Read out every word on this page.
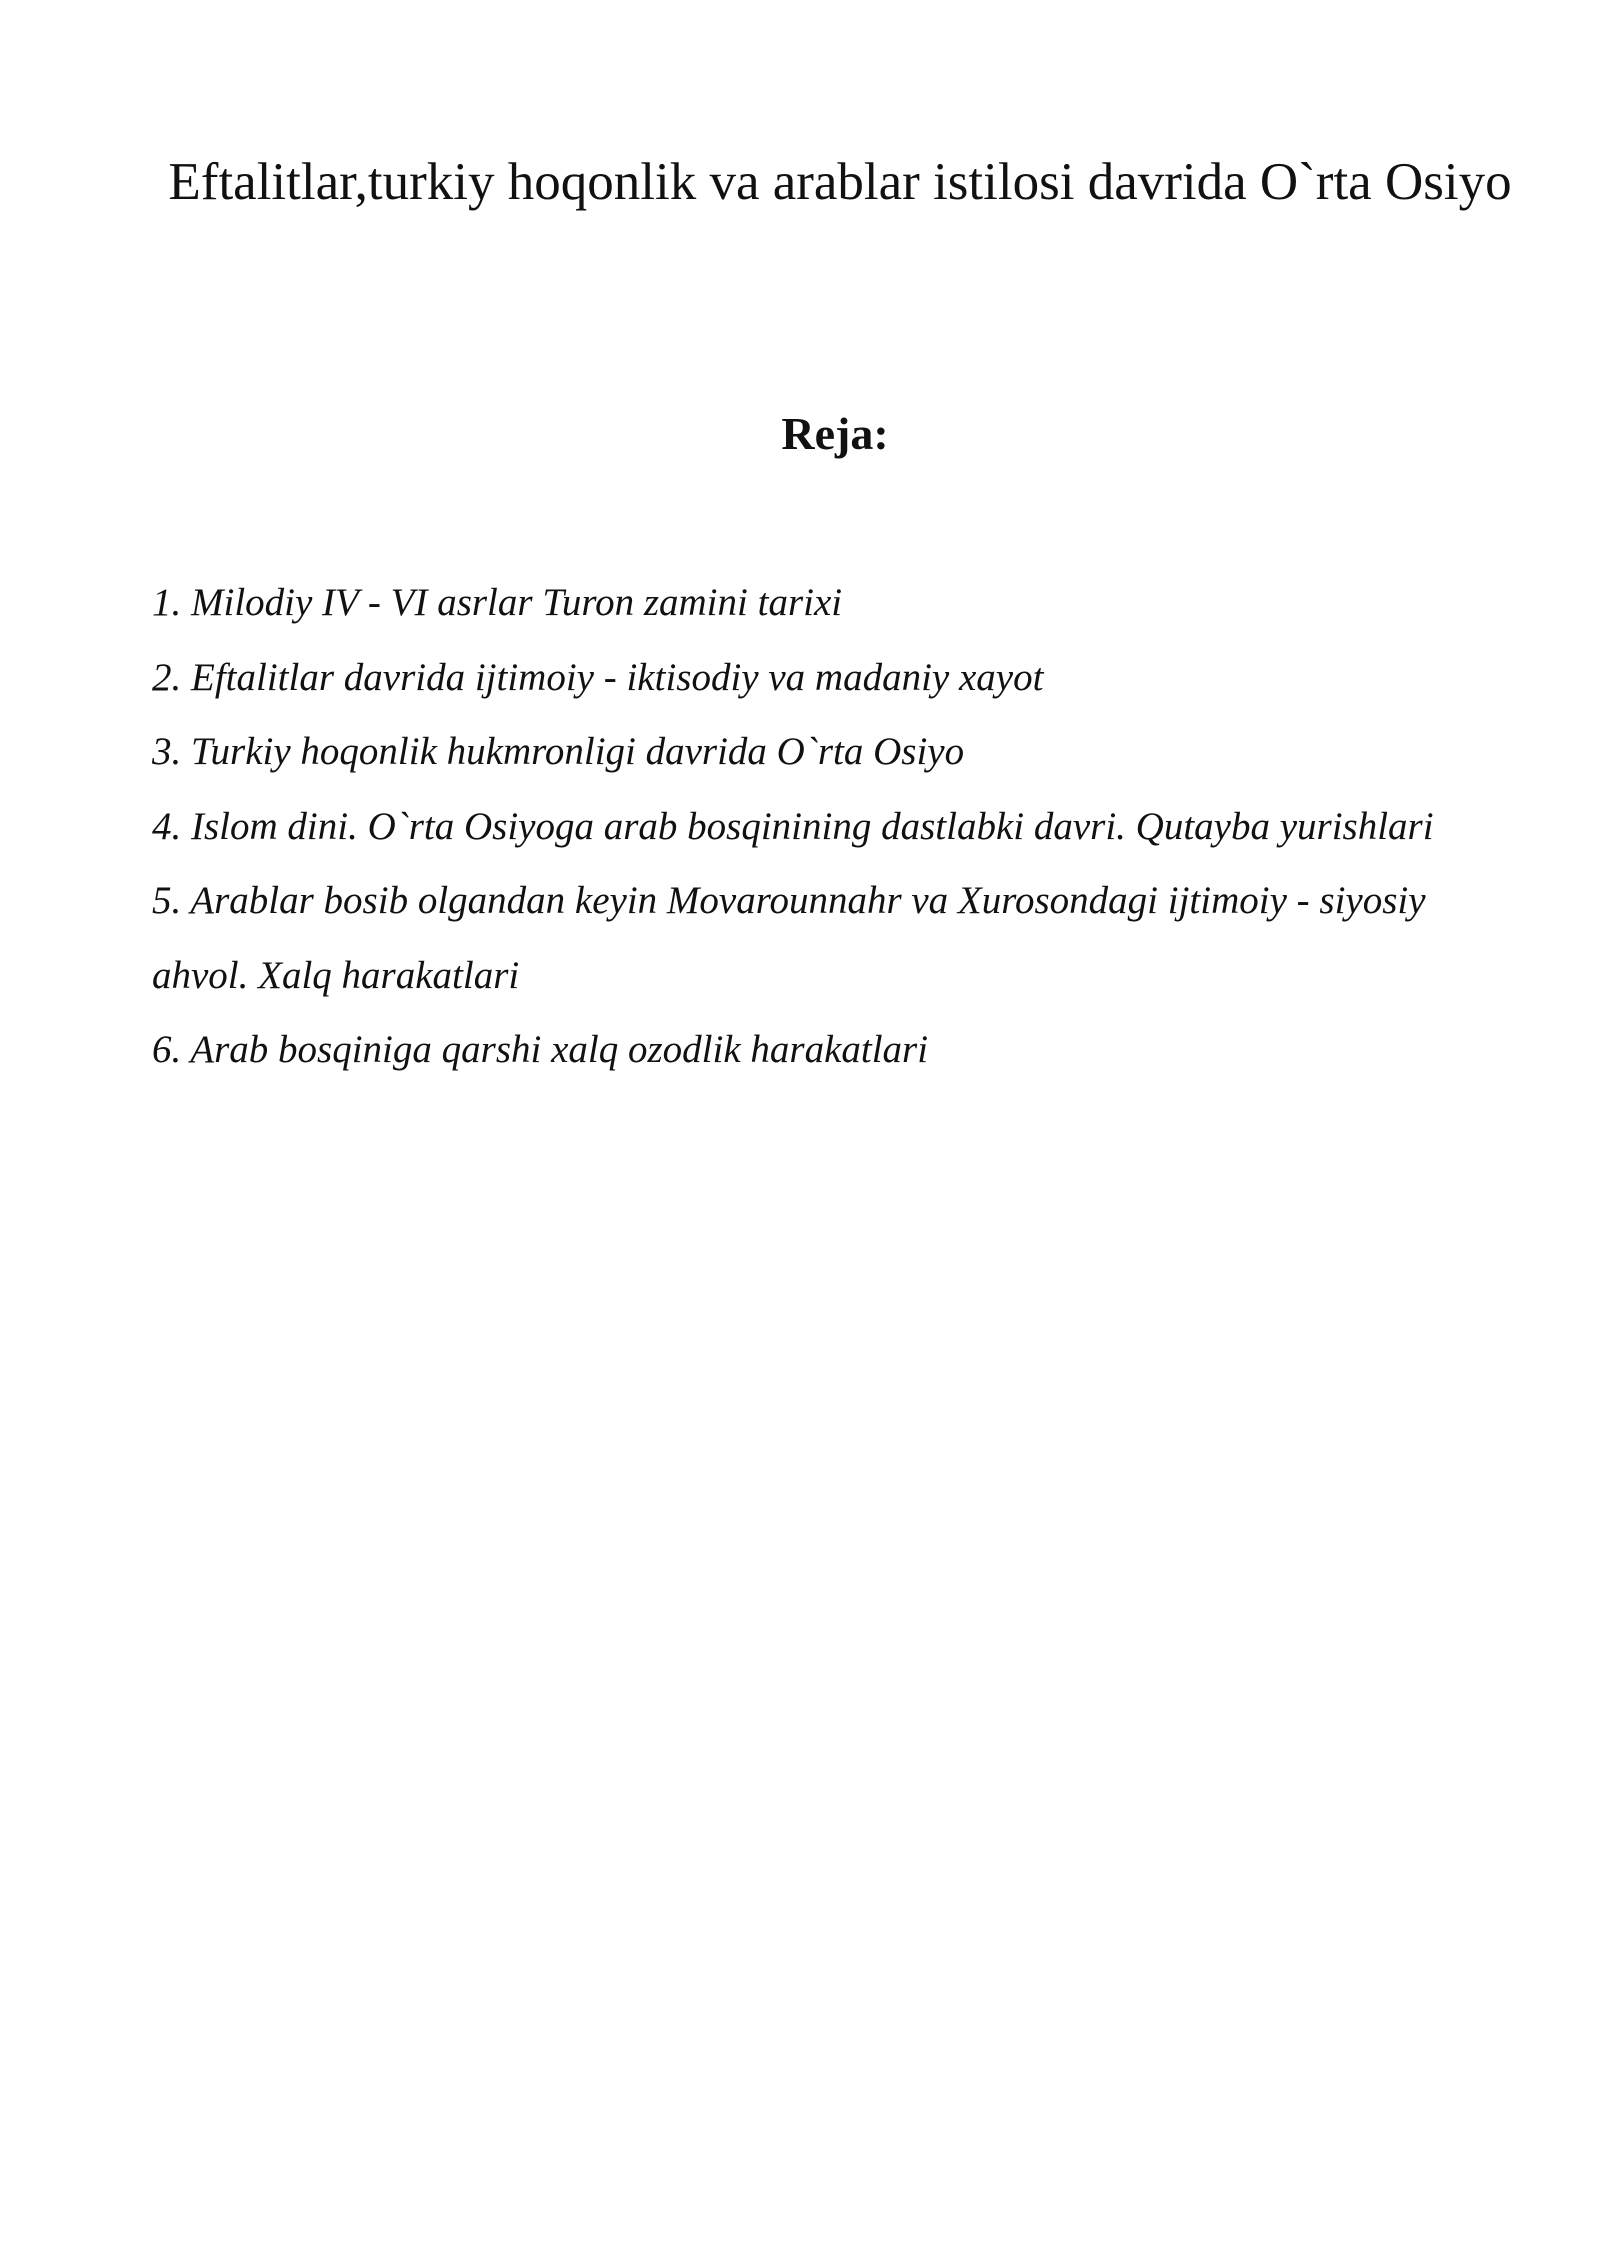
Eftalitlar,turkiy hoqonlik va arablar istilosi davrida O`rta Osiyo
Reja:
1. Milodiy IV - VI asrlar Turon zamini tarixi
2. Eftalitlar davrida ijtimoiy - iktisodiy va madaniy xayot
3. Turkiy hoqonlik hukmronligi davrida O`rta Osiyo
4. Islom dini. O`rta Osiyoga arab bosqinining dastlabki davri. Qutayba yurishlari
5. Arablar bosib olgandan keyin Movarounnahr va Xurosondagi ijtimoiy - siyosiy ahvol. Xalq harakatlari
6. Arab bosqiniga qarshi xalq ozodlik harakatlari
